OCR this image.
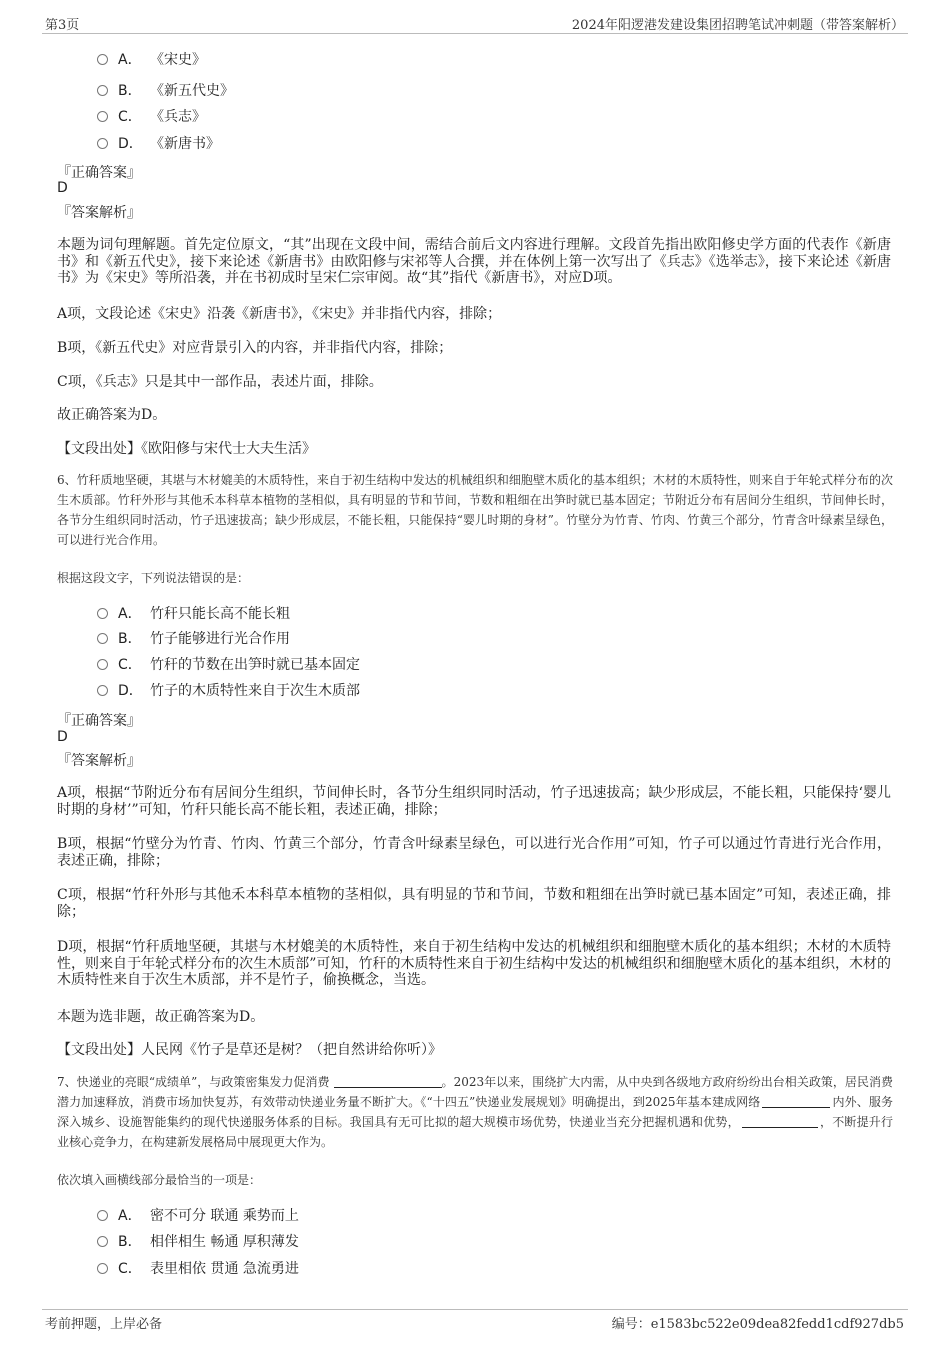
第3页	2024年阳逻港发建设集团招聘笔试冲刺题（带答案解析）
A． 《宋史》
B． 《新五代史》
C． 《兵志》
D． 《新唐书》
『正确答案』
D
『答案解析』
本题为词句理解题。首先定位原文，“其”出现在文段中间，需结合前后文内容进行理解。文段首先指出欧阳修史学方面的代表作《新唐书》和《新五代史》，接下来论述《新唐书》由欧阳修与宋祁等人合撰，并在体例上第一次写出了《兵志》《选举志》，接下来论述《新唐书》为《宋史》等所沿袭，并在书初成时呈宋仁宗审阅。故“其”指代《新唐书》，对应D项。
A项，文段论述《宋史》沿袭《新唐书》，《宋史》并非指代内容，排除；
B项，《新五代史》对应背景引入的内容，并非指代内容，排除；
C项，《兵志》只是其中一部作品，表述片面，排除。
故正确答案为D。
【文段出处】《欧阳修与宋代士大夫生活》
6、竹秆质地坚硬，其堪与木材媲美的木质特性，来自于初生结构中发达的机械组织和细胞壁木质化的基本组织；木材的木质特性，则来自于年轮式样分布的次生木质部。竹秆外形与其他禾本科草本植物的茎相似，具有明显的节和节间，节数和粗细在出笋时就已基本固定；节附近分布有居间分生组织，节间伸长时，各节分生组织同时活动，竹子迅速拔高；缺少形成层，不能长粗，只能保持“婴儿时期的身材”。竹壁分为竹青、竹肉、竹黄三个部分，竹青含叶绿素呈绿色，可以进行光合作用。
根据这段文字，下列说法错误的是：
A． 竹秆只能长高不能长粗
B． 竹子能够进行光合作用
C． 竹秆的节数在出笋时就已基本固定
D． 竹子的木质特性来自于次生木质部
『正确答案』
D
『答案解析』
A项，根据“节附近分布有居间分生组织，节间伸长时，各节分生组织同时活动，竹子迅速拔高；缺少形成层，不能长粗，只能保持‘婴儿时期的身材’”可知，竹秆只能长高不能长粗，表述正确，排除；
B项，根据“竹壁分为竹青、竹肉、竹黄三个部分，竹青含叶绿素呈绿色，可以进行光合作用”可知，竹子可以通过竹青进行光合作用，表述正确，排除；
C项，根据“竹秆外形与其他禾本科草本植物的茎相似，具有明显的节和节间，节数和粗细在出笋时就已基本固定”可知，表述正确，排除；
D项，根据“竹秆质地坚硬，其堪与木材媲美的木质特性，来自于初生结构中发达的机械组织和细胞壁木质化的基本组织；木材的木质特性，则来自于年轮式样分布的次生木质部”可知，竹秆的木质特性来自于初生结构中发达的机械组织和细胞壁木质化的基本组织，木材的木质特性来自于次生木质部，并不是竹子，偷换概念，当选。
本题为选非题，故正确答案为D。
【文段出处】人民网《竹子是草还是树？（把自然讲给你听）》
7、快递业的亮眼“成绩单”，与政策密集发力促消费	。2023年以来，围绕扩大内需，从中央到各级地方政府纷纷出台相关政策，居民消费潜力加速释放，消费市场加快复苏，有效带动快递业务量不断扩大。《“十四五”快递业发展规划》明确提出，到2025年基本建成网络	内外、服务深入城乡、设施智能集约的现代快递服务体系的目标。我国具有无可比拟的超大规模市场优势，快递业当充分把握机遇和优势，	，不断提升行业核心竞争力，在构建新发展格局中展现更大作为。
依次填入画横线部分最恰当的一项是：
A． 密不可分 联通 乘势而上
B． 相伴相生 畅通 厚积薄发
C． 表里相依 贯通 急流勇进
考前押题，上岸必备	编号：e1583bc522e09dea82fedd1cdf927db5
